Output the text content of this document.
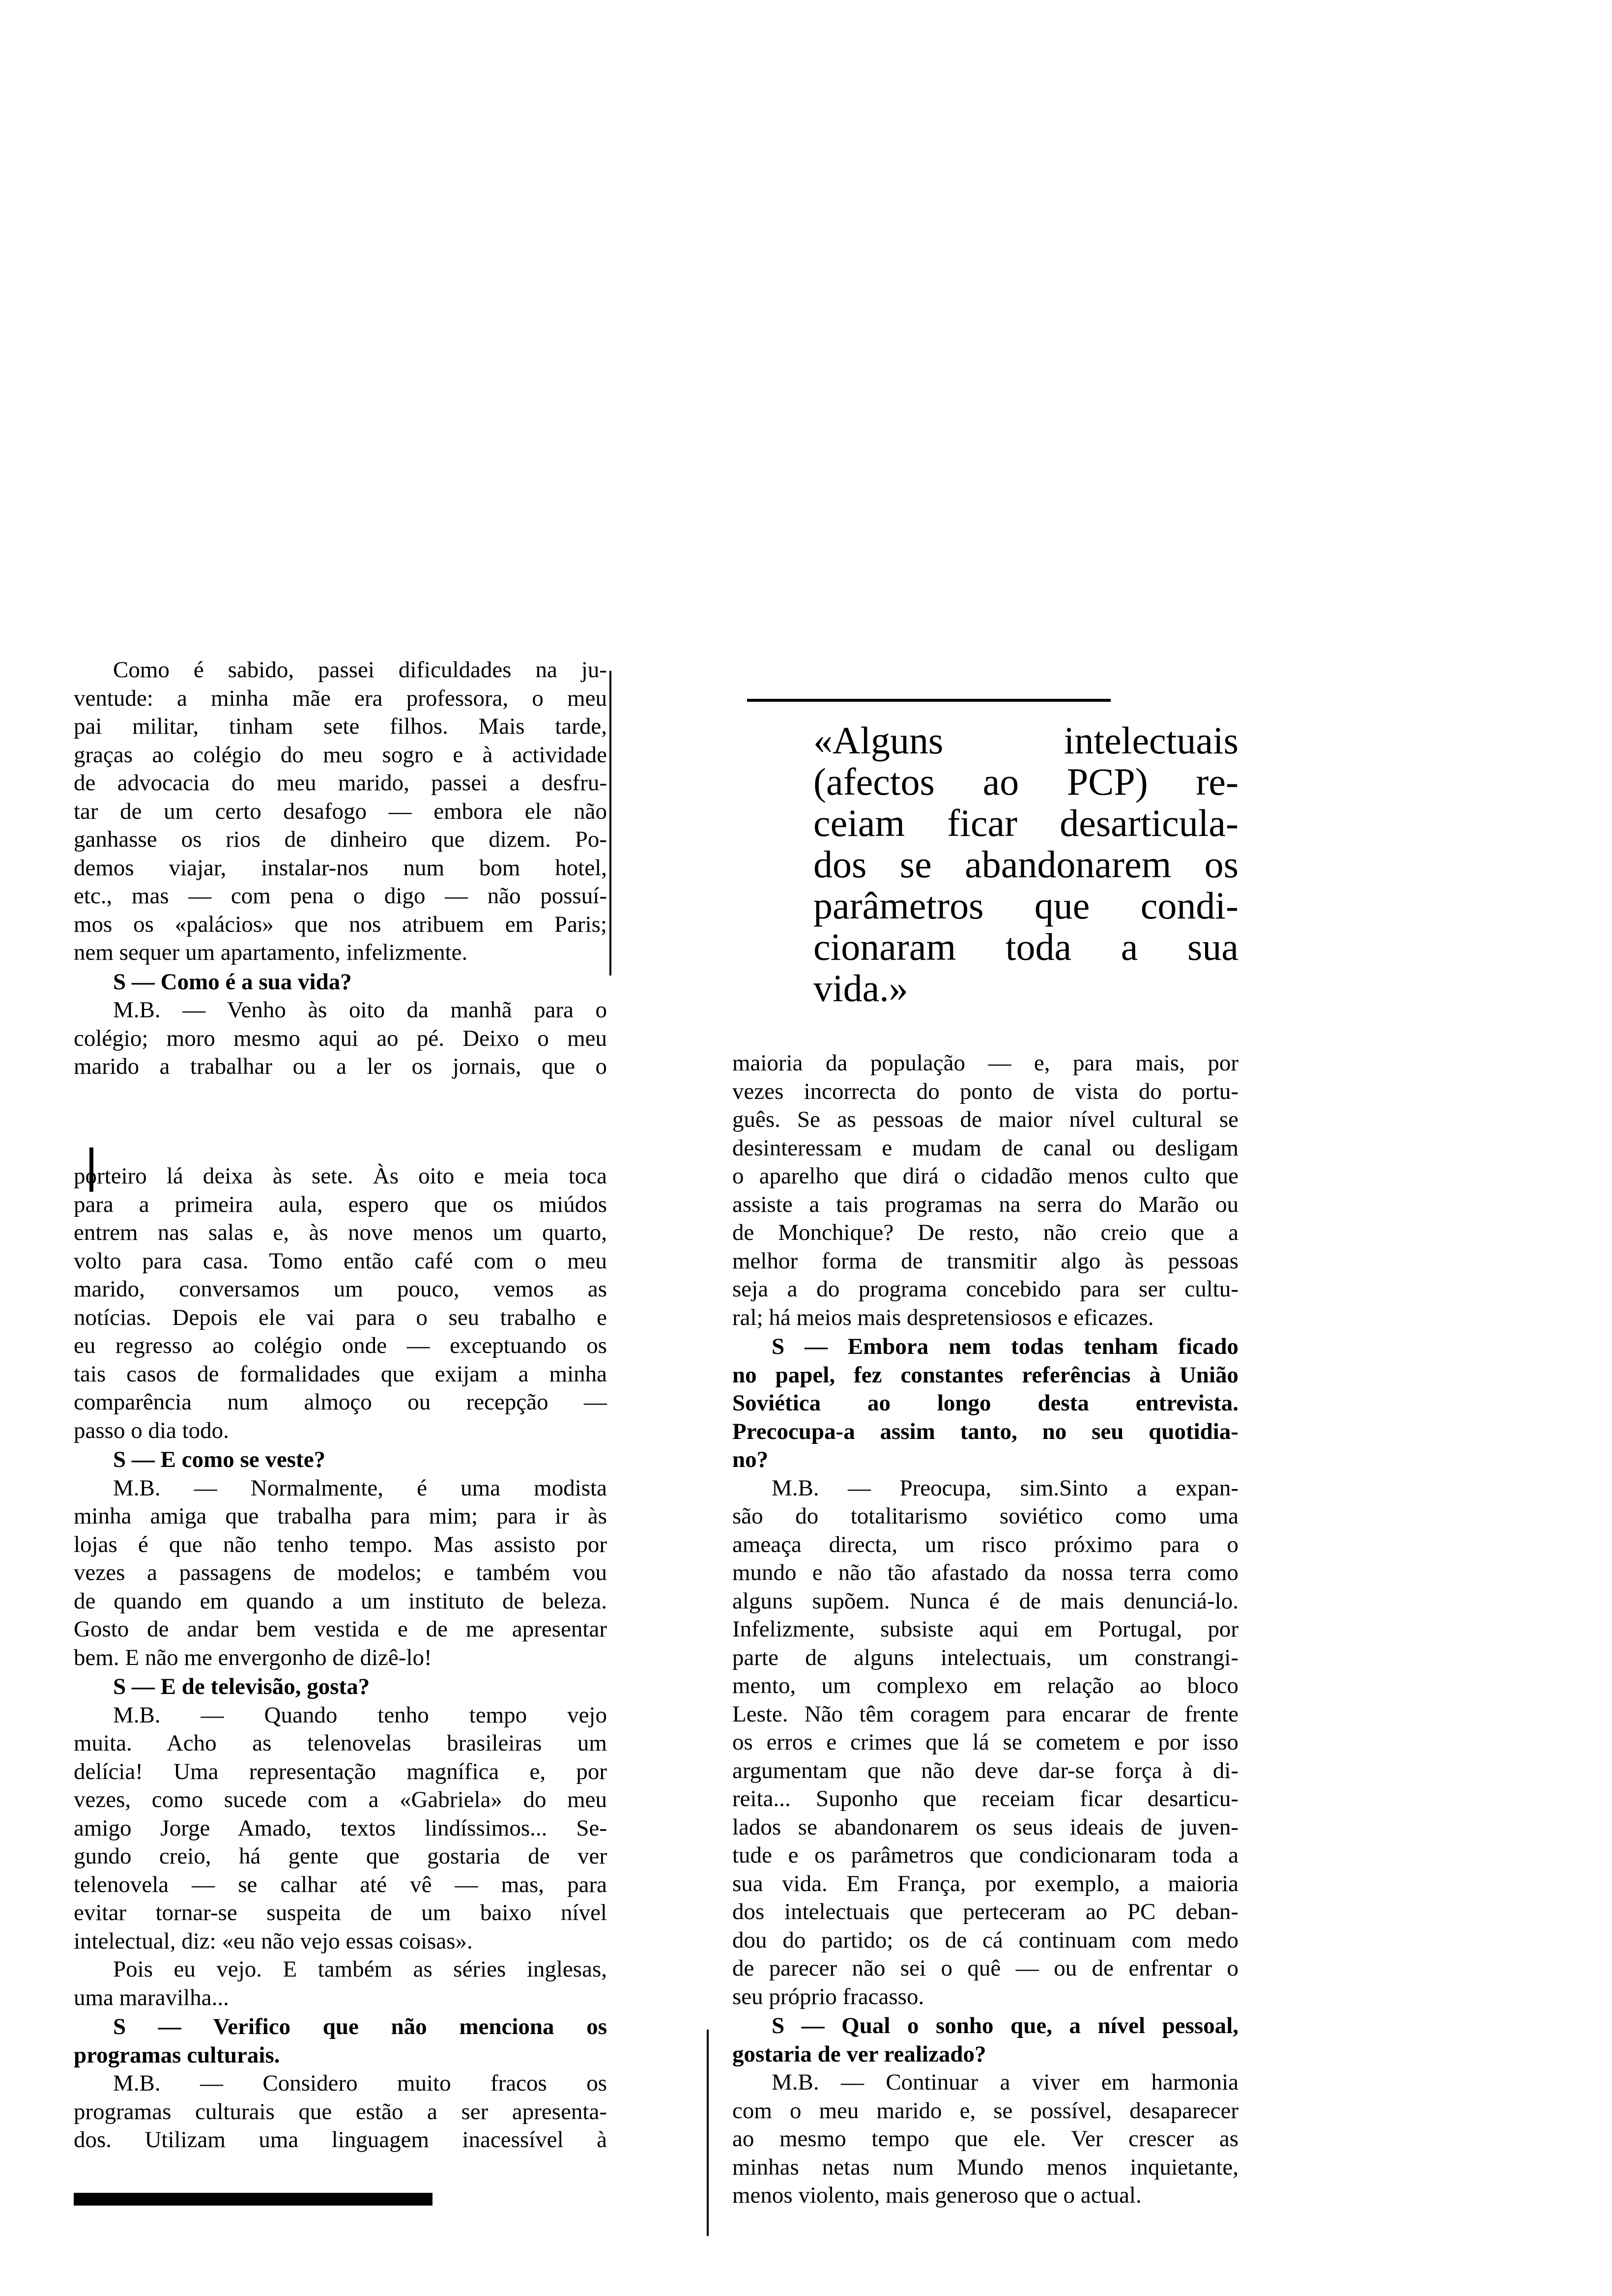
«Alguns intelectuais
(afectos ao PCP) re-
ceiam ficar desarticula-
dos se abandonarem os
parâmetros que condi-
cionaram toda a sua
vida.»
Como é sabido, passei dificuldades na ju-
ventude: a minha mãe era professora, o meu
pai militar, tinham sete filhos. Mais tarde,
graças ao colégio do meu sogro e à actividade
de advocacia do meu marido, passei a desfru-
tar de um certo desafogo — embora ele não
ganhasse os rios de dinheiro que dizem. Po-
demos viajar, instalar-nos num bom hotel,
etc., mas — com pena o digo — não possuí-
mos os «palácios» que nos atribuem em Paris;
nem sequer um apartamento, infelizmente.
S — Como é a sua vida?
M.B. — Venho às oito da manhã para o
colégio; moro mesmo aqui ao pé. Deixo o meu
marido a trabalhar ou a ler os jornais, que o
porteiro lá deixa às sete. Às oito e meia toca
para a primeira aula, espero que os miúdos
entrem nas salas e, às nove menos um quarto,
volto para casa. Tomo então café com o meu
marido, conversamos um pouco, vemos as
notícias. Depois ele vai para o seu trabalho e
eu regresso ao colégio onde — exceptuando os
tais casos de formalidades que exijam a minha
comparência num almoço ou recepção —
passo o dia todo.
S — E como se veste?
M.B. — Normalmente, é uma modista
minha amiga que trabalha para mim; para ir às
lojas é que não tenho tempo. Mas assisto por
vezes a passagens de modelos; e também vou
de quando em quando a um instituto de beleza.
Gosto de andar bem vestida e de me apresentar
bem. E não me envergonho de dizê-lo!
S — E de televisão, gosta?
M.B. — Quando tenho tempo vejo
muita. Acho as telenovelas brasileiras um
delícia! Uma representação magnífica e, por
vezes, como sucede com a «Gabriela» do meu
amigo Jorge Amado, textos lindíssimos... Se-
gundo creio, há gente que gostaria de ver
telenovela — se calhar até vê — mas, para
evitar tornar-se suspeita de um baixo nível
intelectual, diz: «eu não vejo essas coisas».
Pois eu vejo. E também as séries inglesas,
uma maravilha...
S — Verifico que não menciona os
programas culturais.
M.B. — Considero muito fracos os
programas culturais que estão a ser apresenta-
dos. Utilizam uma linguagem inacessível à
maioria da população — e, para mais, por
vezes incorrecta do ponto de vista do portu-
guês. Se as pessoas de maior nível cultural se
desinteressam e mudam de canal ou desligam
o aparelho que dirá o cidadão menos culto que
assiste a tais programas na serra do Marão ou
de Monchique? De resto, não creio que a
melhor forma de transmitir algo às pessoas
seja a do programa concebido para ser cultu-
ral; há meios mais despretensiosos e eficazes.
S — Embora nem todas tenham ficado
no papel, fez constantes referências à União
Soviética ao longo desta entrevista.
Precocupa-a assim tanto, no seu quotidia-
no?
M.B. — Preocupa, sim.Sinto a expan-
são do totalitarismo soviético como uma
ameaça directa, um risco próximo para o
mundo e não tão afastado da nossa terra como
alguns supõem. Nunca é de mais denunciá-lo.
Infelizmente, subsiste aqui em Portugal, por
parte de alguns intelectuais, um constrangi-
mento, um complexo em relação ao bloco
Leste. Não têm coragem para encarar de frente
os erros e crimes que lá se cometem e por isso
argumentam que não deve dar-se força à di-
reita... Suponho que receiam ficar desarticu-
lados se abandonarem os seus ideais de juven-
tude e os parâmetros que condicionaram toda a
sua vida. Em França, por exemplo, a maioria
dos intelectuais que perteceram ao PC deban-
dou do partido; os de cá continuam com medo
de parecer não sei o quê — ou de enfrentar o
seu próprio fracasso.
S — Qual o sonho que, a nível pessoal,
gostaria de ver realizado?
M.B. — Continuar a viver em harmonia
com o meu marido e, se possível, desaparecer
ao mesmo tempo que ele. Ver crescer as
minhas netas num Mundo menos inquietante,
menos violento, mais generoso que o actual.
